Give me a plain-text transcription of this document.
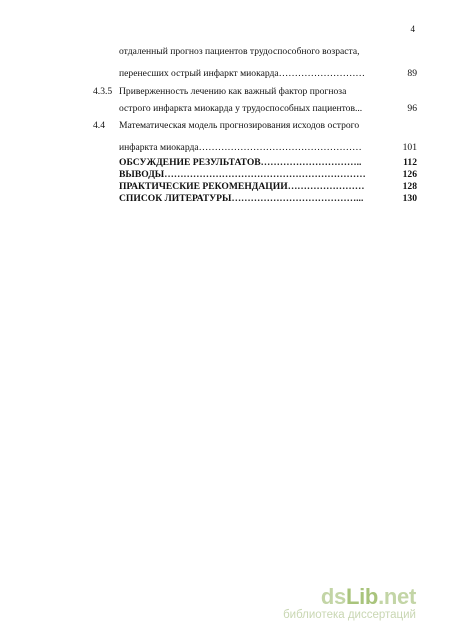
4
отдаленный прогноз пациентов трудоспособного возраста,
перенесших острый инфаркт миокарда………………………	89
4.3.5 Приверженность лечению как важный фактор прогноза
острого инфаркта миокарда у трудоспособных пациентов...	96
4.4 Математическая модель прогнозирования исходов острого
инфаркта миокарда……………………………………………	101
ОБСУЖДЕНИЕ РЕЗУЛЬТАТОВ…………………………..	112
ВЫВОДЫ………………………………………………………	126
ПРАКТИЧЕСКИЕ РЕКОМЕНДАЦИИ……………………	128
СПИСОК ЛИТЕРАТУРЫ…………………………………...	130
dsLib.net
библиотека диссертаций
